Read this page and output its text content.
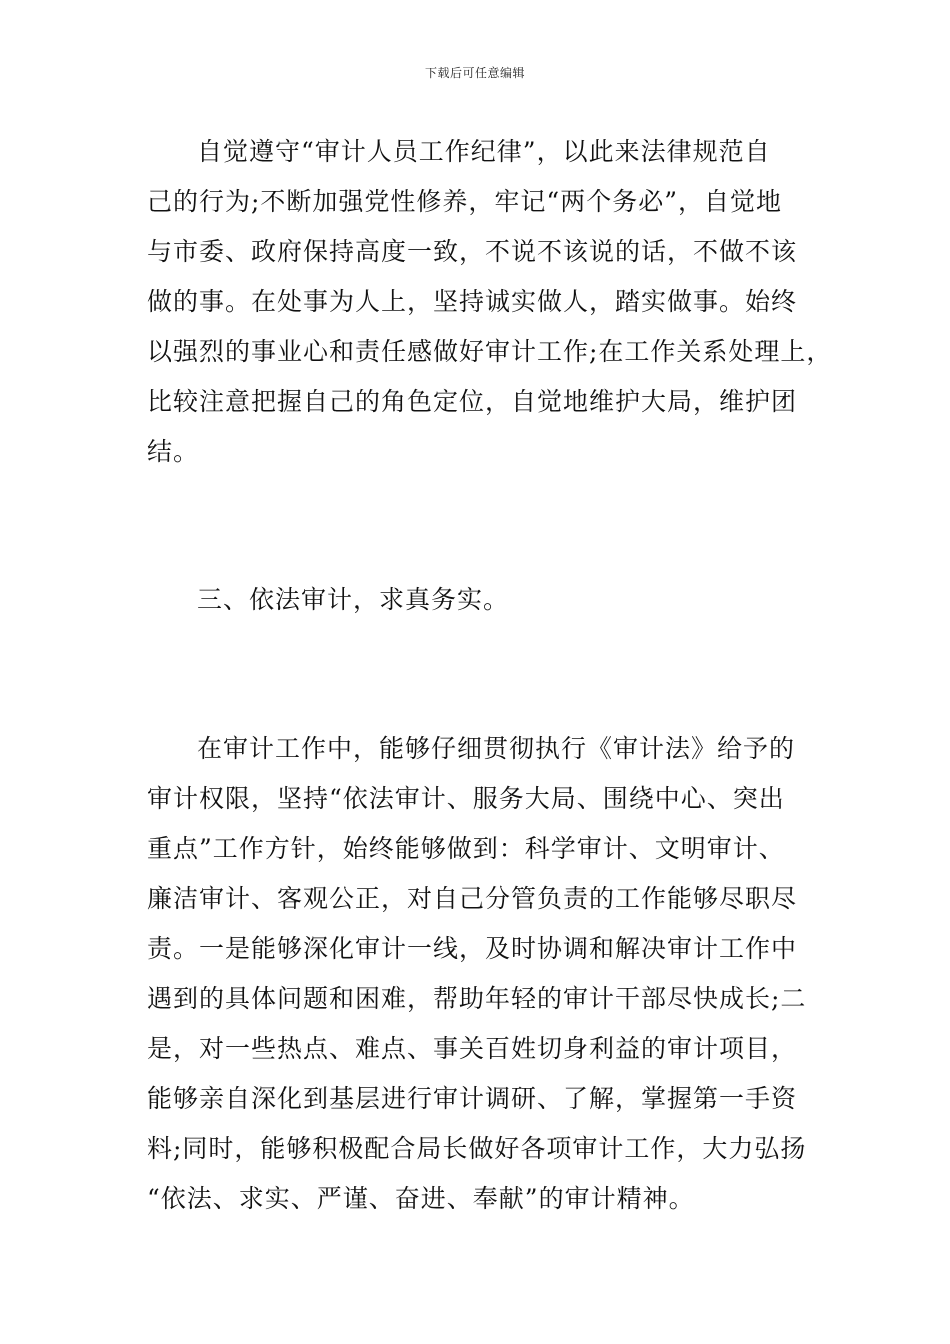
下载后可任意编辑
自觉遵守“审计人员工作纪律”，以此来法律规范自
己的行为;不断加强党性修养，牢记“两个务必”，自觉地
与市委、政府保持高度一致，不说不该说的话，不做不该
做的事。在处事为人上，坚持诚实做人，踏实做事。始终
以强烈的事业心和责任感做好审计工作;在工作关系处理上，
比较注意把握自己的角色定位，自觉地维护大局，维护团
结。
三、依法审计，求真务实。
在审计工作中，能够仔细贯彻执行《审计法》给予的
审计权限，坚持“依法审计、服务大局、围绕中心、突出
重点”工作方针，始终能够做到：科学审计、文明审计、
廉洁审计、客观公正，对自己分管负责的工作能够尽职尽
责。一是能够深化审计一线，及时协调和解决审计工作中
遇到的具体问题和困难，帮助年轻的审计干部尽快成长;二
是，对一些热点、难点、事关百姓切身利益的审计项目，
能够亲自深化到基层进行审计调研、了解，掌握第一手资
料;同时，能够积极配合局长做好各项审计工作，大力弘扬
“依法、求实、严谨、奋进、奉献”的审计精神。
